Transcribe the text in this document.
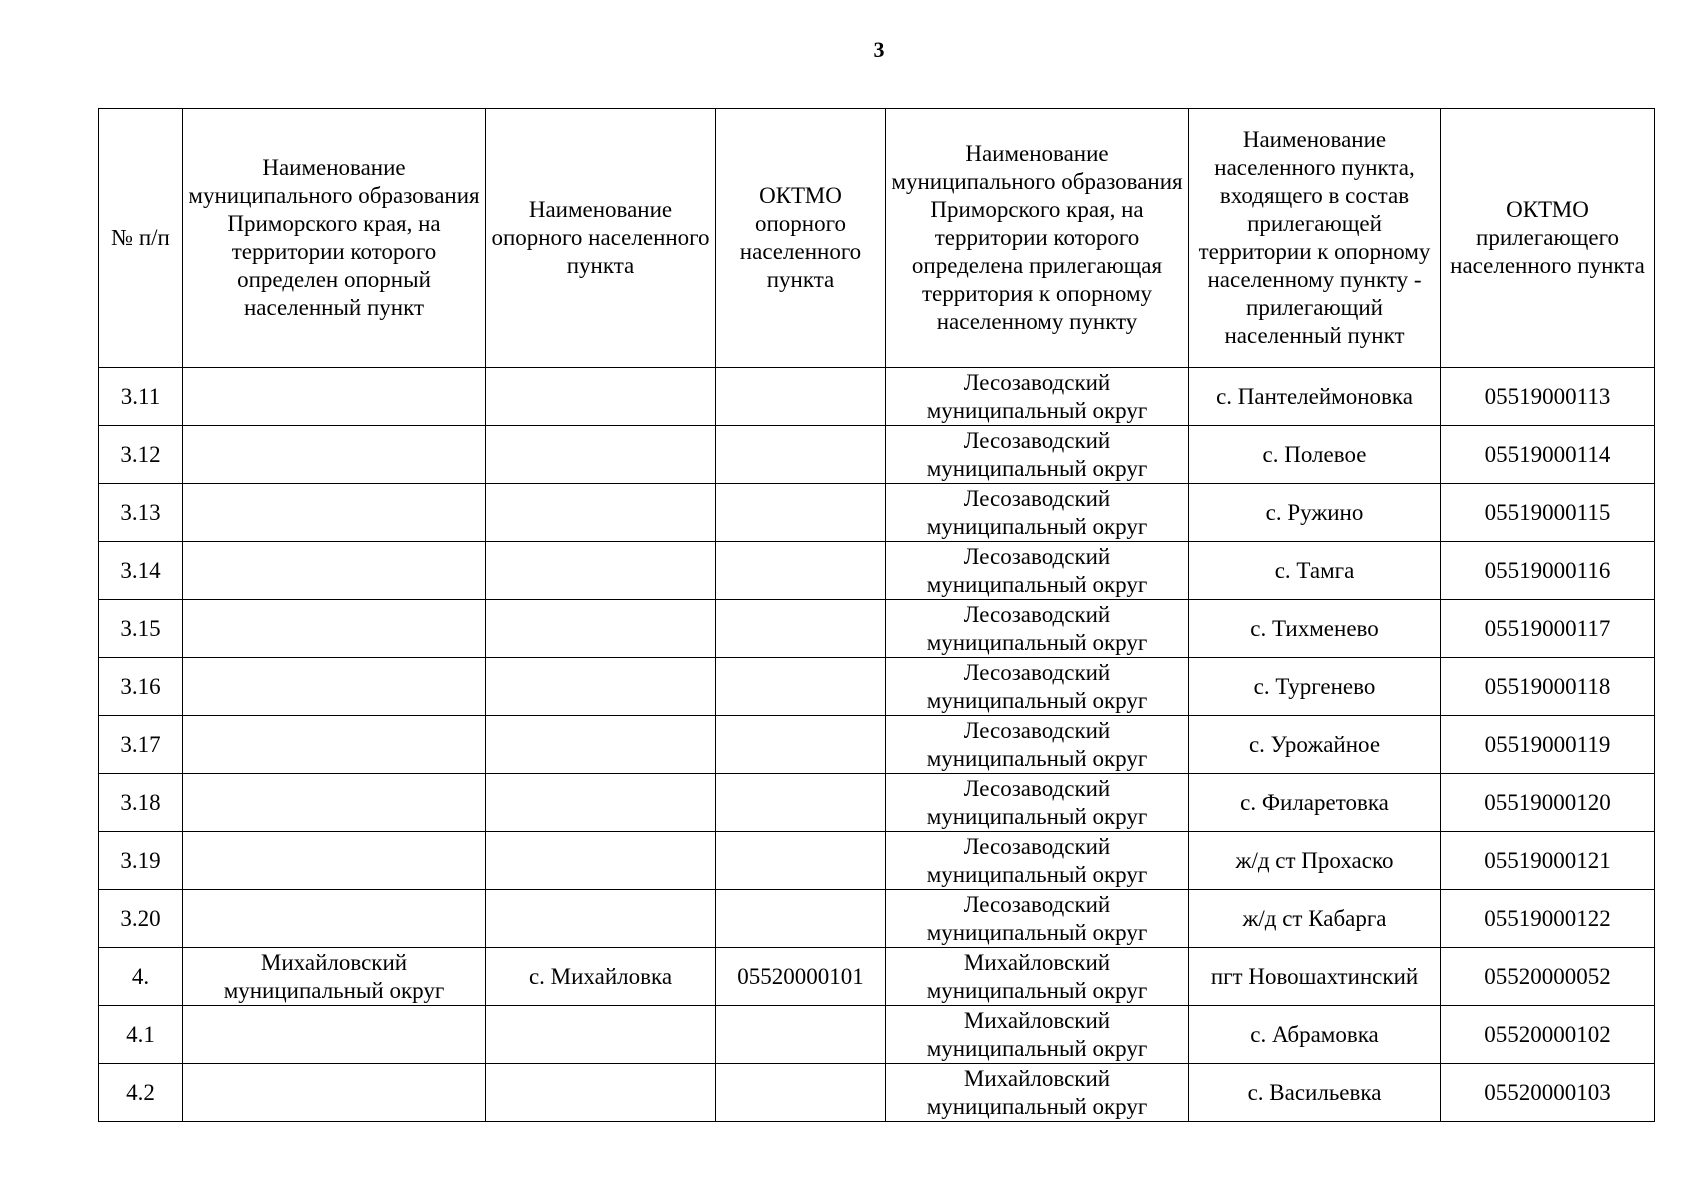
3
№ п/п	Наименование муниципального образования Приморского края, на территории которого определен опорный населенный пункт	Наименование опорного населенного пункта	ОКТМО опорного населенного пункта	Наименование муниципального образования Приморского края, на территории которого определена прилегающая территория к опорному населенному пункту	Наименование населенного пункта, входящего в состав прилегающей территории к опорному населенному пункту - прилегающий населенный пункт	ОКТМО прилегающего населенного пункта
3.11				Лесозаводский муниципальный округ	с. Пантелеймоновка	05519000113
3.12				Лесозаводский муниципальный округ	с. Полевое	05519000114
3.13				Лесозаводский муниципальный округ	с. Ружино	05519000115
3.14				Лесозаводский муниципальный округ	с. Тамга	05519000116
3.15				Лесозаводский муниципальный округ	с. Тихменево	05519000117
3.16				Лесозаводский муниципальный округ	с. Тургенево	05519000118
3.17				Лесозаводский муниципальный округ	с. Урожайное	05519000119
3.18				Лесозаводский муниципальный округ	с. Филаретовка	05519000120
3.19				Лесозаводский муниципальный округ	ж/д ст Прохаско	05519000121
3.20				Лесозаводский муниципальный округ	ж/д ст Кабарга	05519000122
4.	Михайловский муниципальный округ	с. Михайловка	05520000101	Михайловский муниципальный округ	пгт Новошахтинский	05520000052
4.1				Михайловский муниципальный округ	с. Абрамовка	05520000102
4.2				Михайловский муниципальный округ	с. Васильевка	05520000103
